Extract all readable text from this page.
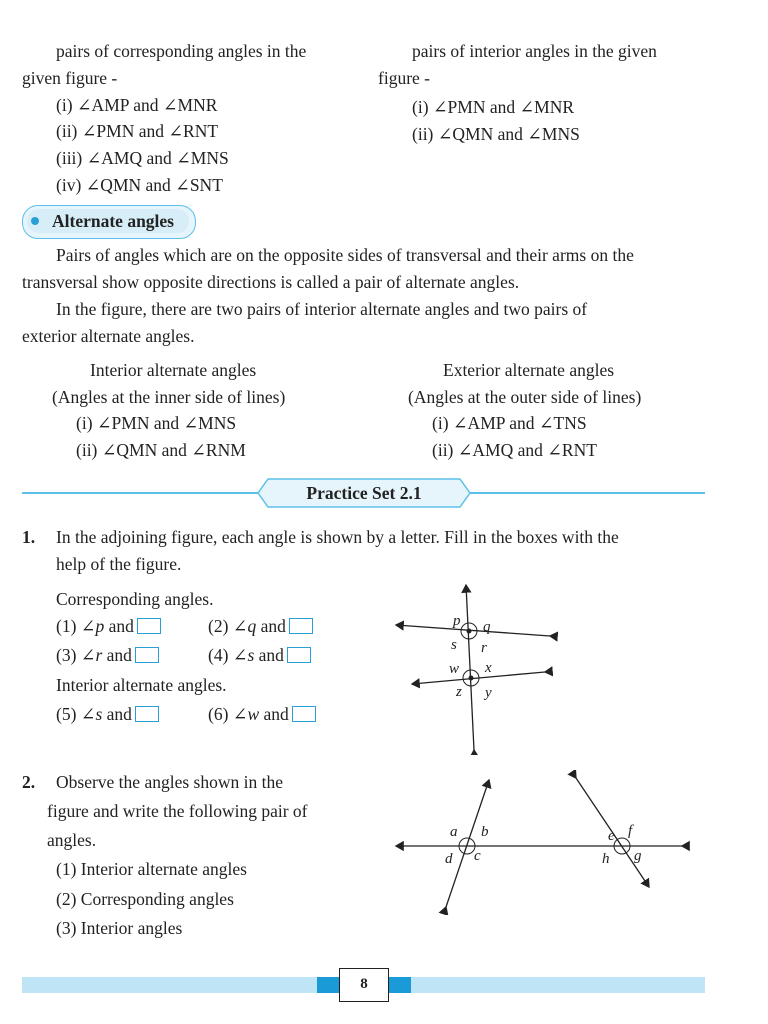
pairs of corresponding angles in the
given figure -
(i) ∠AMP and ∠MNR
(ii) ∠PMN and ∠RNT
(iii) ∠AMQ and ∠MNS
(iv) ∠QMN and ∠SNT
pairs of interior angles in the given
figure -
(i) ∠PMN and ∠MNR
(ii) ∠QMN and ∠MNS
Alternate angles
Pairs of angles which are on the opposite sides of transversal and their arms on the
transversal show opposite directions is called a pair of alternate angles.
In the figure, there are two pairs of interior alternate angles and two pairs of
exterior alternate angles.
Interior alternate angles
(Angles at the inner side of lines)
(i) ∠PMN and ∠MNS
(ii) ∠QMN and ∠RNM
Exterior alternate angles
(Angles at the outer side of lines)
(i) ∠AMP and ∠TNS
(ii) ∠AMQ and ∠RNT
Practice Set 2.1
1. In the adjoining figure, each angle is shown by a letter. Fill in the boxes with the
help of the figure.
Corresponding angles.
(1) ∠p and	(2) ∠q and
(3) ∠r and	(4) ∠s and
Interior alternate angles.
(5) ∠s and	(6) ∠w and
p q
s r
w x
z y
2. Observe the angles shown in the
figure and write the following pair of
angles.
(1) Interior alternate angles
(2) Corresponding angles
(3) Interior angles
a b
d c
e f
h g
8
